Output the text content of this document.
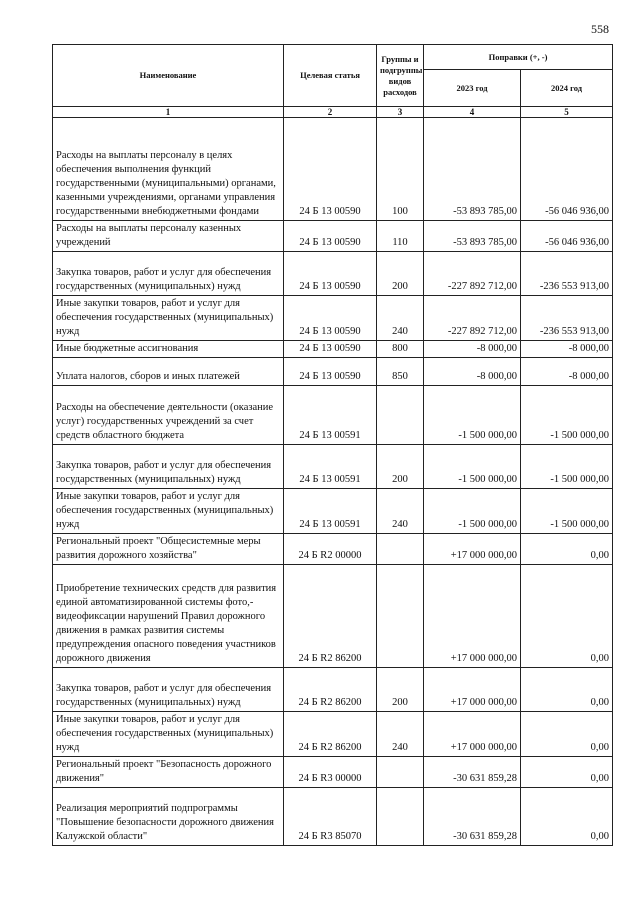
558
Наименование	Целевая статья	Группы и подгруппы видов расходов	Поправки (+, -)	
			2023 год	2024 год
1	2	3	4	5
Расходы на выплаты персоналу в целях обеспечения выполнения функций государственными (муниципальными) органами, казенными учреждениями, органами управления государственными внебюджетными фондами	24 Б 13 00590	100	-53 893 785,00	-56 046 936,00
Расходы на выплаты персоналу казенных учреждений	24 Б 13 00590	110	-53 893 785,00	-56 046 936,00
Закупка товаров, работ и услуг для обеспечения государственных (муниципальных) нужд	24 Б 13 00590	200	-227 892 712,00	-236 553 913,00
Иные закупки товаров, работ и услуг для обеспечения государственных (муниципальных) нужд	24 Б 13 00590	240	-227 892 712,00	-236 553 913,00
Иные бюджетные ассигнования	24 Б 13 00590	800	-8 000,00	-8 000,00
Уплата налогов, сборов и иных платежей	24 Б 13 00590	850	-8 000,00	-8 000,00
Расходы на обеспечение деятельности (оказание услуг) государственных учреждений за счет средств областного бюджета	24 Б 13 00591		-1 500 000,00	-1 500 000,00
Закупка товаров, работ и услуг для обеспечения государственных (муниципальных) нужд	24 Б 13 00591	200	-1 500 000,00	-1 500 000,00
Иные закупки товаров, работ и услуг для обеспечения государственных (муниципальных) нужд	24 Б 13 00591	240	-1 500 000,00	-1 500 000,00
Региональный проект "Общесистемные меры развития дорожного хозяйства"	24 Б R2 00000		+17 000 000,00	0,00
Приобретение технических средств для развития единой автоматизированной системы фото,- видеофиксации нарушений Правил дорожного движения в рамках развития системы предупреждения опасного поведения участников дорожного движения	24 Б R2 86200		+17 000 000,00	0,00
Закупка товаров, работ и услуг для обеспечения государственных (муниципальных) нужд	24 Б R2 86200	200	+17 000 000,00	0,00
Иные закупки товаров, работ и услуг для обеспечения государственных (муниципальных) нужд	24 Б R2 86200	240	+17 000 000,00	0,00
Региональный проект "Безопасность дорожного движения"	24 Б R3 00000		-30 631 859,28	0,00
Реализация мероприятий подпрограммы "Повышение безопасности дорожного движения Калужской области"	24 Б R3 85070		-30 631 859,28	0,00
